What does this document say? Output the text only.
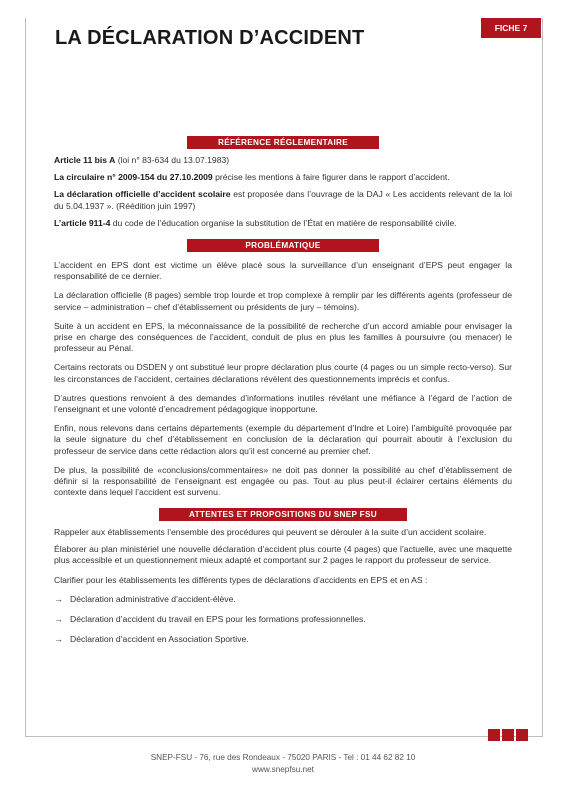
FICHE 7
LA DÉCLARATION D’ACCIDENT
RÉFÉRENCE RÉGLEMENTAIRE

Article 11 bis A (loi n° 83-634 du 13.07.1983)

La circulaire n° 2009-154 du 27.10.2009 précise les mentions à faire figurer dans le rapport d’accident.

La déclaration officielle d’accident scolaire est proposée dans l’ouvrage de la DAJ « Les accidents relevant de la loi du 5.04.1937 ». (Réédition juin 1997)

L’article 911-4 du code de l’éducation organise la substitution de l’État en matière de responsabilité civile.

PROBLÉMATIQUE

L’accident en EPS dont est victime un élève placé sous la surveillance d’un enseignant d’EPS peut engager la responsabilité de ce dernier.

La déclaration officielle (8 pages) semble trop lourde et trop complexe à remplir par les différents agents (professeur de service – administration – chef d’établissement ou présidents de jury – témoins).

Suite à un accident en EPS, la méconnaissance de la possibilité de recherche d’un accord amiable pour envisager la prise en charge des conséquences de l’accident, conduit de plus en plus les familles à poursuivre (ou menacer) le professeur au Pénal.

Certains rectorats ou DSDEN y ont substitué leur propre déclaration plus courte (4 pages ou un simple recto-verso). Sur les circonstances de l’accident, certaines déclarations révèlent des questionnements imprécis et confus.

D’autres questions renvoient à des demandes d’informations inutiles révélant une méfiance à l’égard de l’action de l’enseignant et une volonté d’encadrement pédagogique inopportune.

Enfin, nous relevons dans certains départements (exemple du département d’Indre et Loire) l’ambiguïté provoquée par la seule signature du chef d’établissement en conclusion de la déclaration qui pourrait aboutir à l’exclusion du professeur de service dans cette rédaction alors qu’il est concerné au premier chef.

De plus, la possibilité de «conclusions/commentaires» ne doit pas donner la possibilité au chef d’établissement de définir si la responsabilité de l’enseignant est engagée ou pas. Tout au plus peut-il éclairer certains éléments du contexte dans lequel l’accident est survenu.

ATTENTES ET PROPOSITIONS DU SNEP FSU

Rappeler aux établissements l’ensemble des procédures qui peuvent se dérouler à la suite d’un accident scolaire.

Élaborer au plan ministériel une nouvelle déclaration d’accident plus courte (4 pages) que l’actuelle, avec une maquette plus accessible et un questionnement mieux adapté et comportant sur 2 pages le rapport du professeur de service.

Clarifier pour les établissements les différents types de déclarations d’accidents en EPS et en AS :

→ Déclaration administrative d’accident-élève.
→ Déclaration d’accident du travail en EPS pour les formations professionnelles.
→ Déclaration d’accident en Association Sportive.
SNEP-FSU - 76, rue des Rondeaux - 75020 PARIS - Tel : 01 44 62 82 10
www.snepfsu.net
